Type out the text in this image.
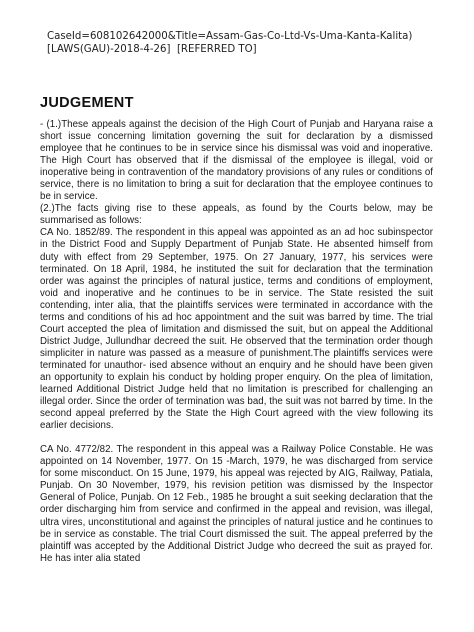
CaseId=608102642000&Title=Assam-Gas-Co-Ltd-Vs-Uma-Kanta-Kalita)
[LAWS(GAU)-2018-4-26]  [REFERRED TO]
JUDGEMENT

- (1.)These appeals against the decision of the High Court of Punjab and Haryana raise a short issue concerning limitation governing the suit for declaration by a dismissed employee that he continues to be in service since his dismissal was void and inoperative. The High Court has observed that if the dismissal of the employee is illegal, void or inoperative being in contravention of the mandatory provisions of any rules or conditions of service, there is no limitation to bring a suit for declaration that the employee continues to be in service.

(2.)The facts giving rise to these appeals, as found by the Courts below, may be summarised as follows:

CA No. 1852/89. The respondent in this appeal was appointed as an ad hoc subinspector in the District Food and Supply Department of Punjab State. He absented himself from duty with effect from 29 September, 1975. On 27 January, 1977, his services were terminated. On 18 April, 1984, he instituted the suit for declaration that the termination order was against the principles of natural justice, terms and conditions of employment, void and inoperative and he continues to be in service. The State resisted the suit contending, inter alia, that the plaintiffs services were terminated in accordance with the terms and conditions of his ad hoc appointment and the suit was barred by time. The trial Court accepted the plea of limitation and dismissed the suit, but on appeal the Additional District Judge, Jullundhar decreed the suit. He observed that the termination order though simpliciter in nature was passed as a measure of punishment.The plaintiffs services were terminated for unauthor- ised absence without an enquiry and he should have been given an opportunity to explain his conduct by holding proper enquiry. On the plea of limitation, learned Additional District Judge held that no limitation is prescribed for challenging an illegal order. Since the order of termination was bad, the suit was not barred by time. In the second appeal preferred by the State the High Court agreed with the view following its earlier decisions.

CA No. 4772/82. The respondent in this appeal was a Railway Police Constable. He was appointed on 14 November, 1977. On 15 -March, 1979, he was discharged from service for some misconduct. On 15 June, 1979, his appeal was rejected by AIG, Railway, Patiala, Punjab. On 30 November, 1979, his revision petition was dismissed by the Inspector General of Police, Punjab. On 12 Feb., 1985 he brought a suit seeking declaration that the order discharging him from service and confirmed in the appeal and revision, was illegal, ultra vires, unconstitutional and against the principles of natural justice and he continues to be in service as constable. The trial Court dismissed the suit. The appeal preferred by the plaintiff was accepted by the Additional District Judge who decreed the suit as prayed for. He has inter alia stated
